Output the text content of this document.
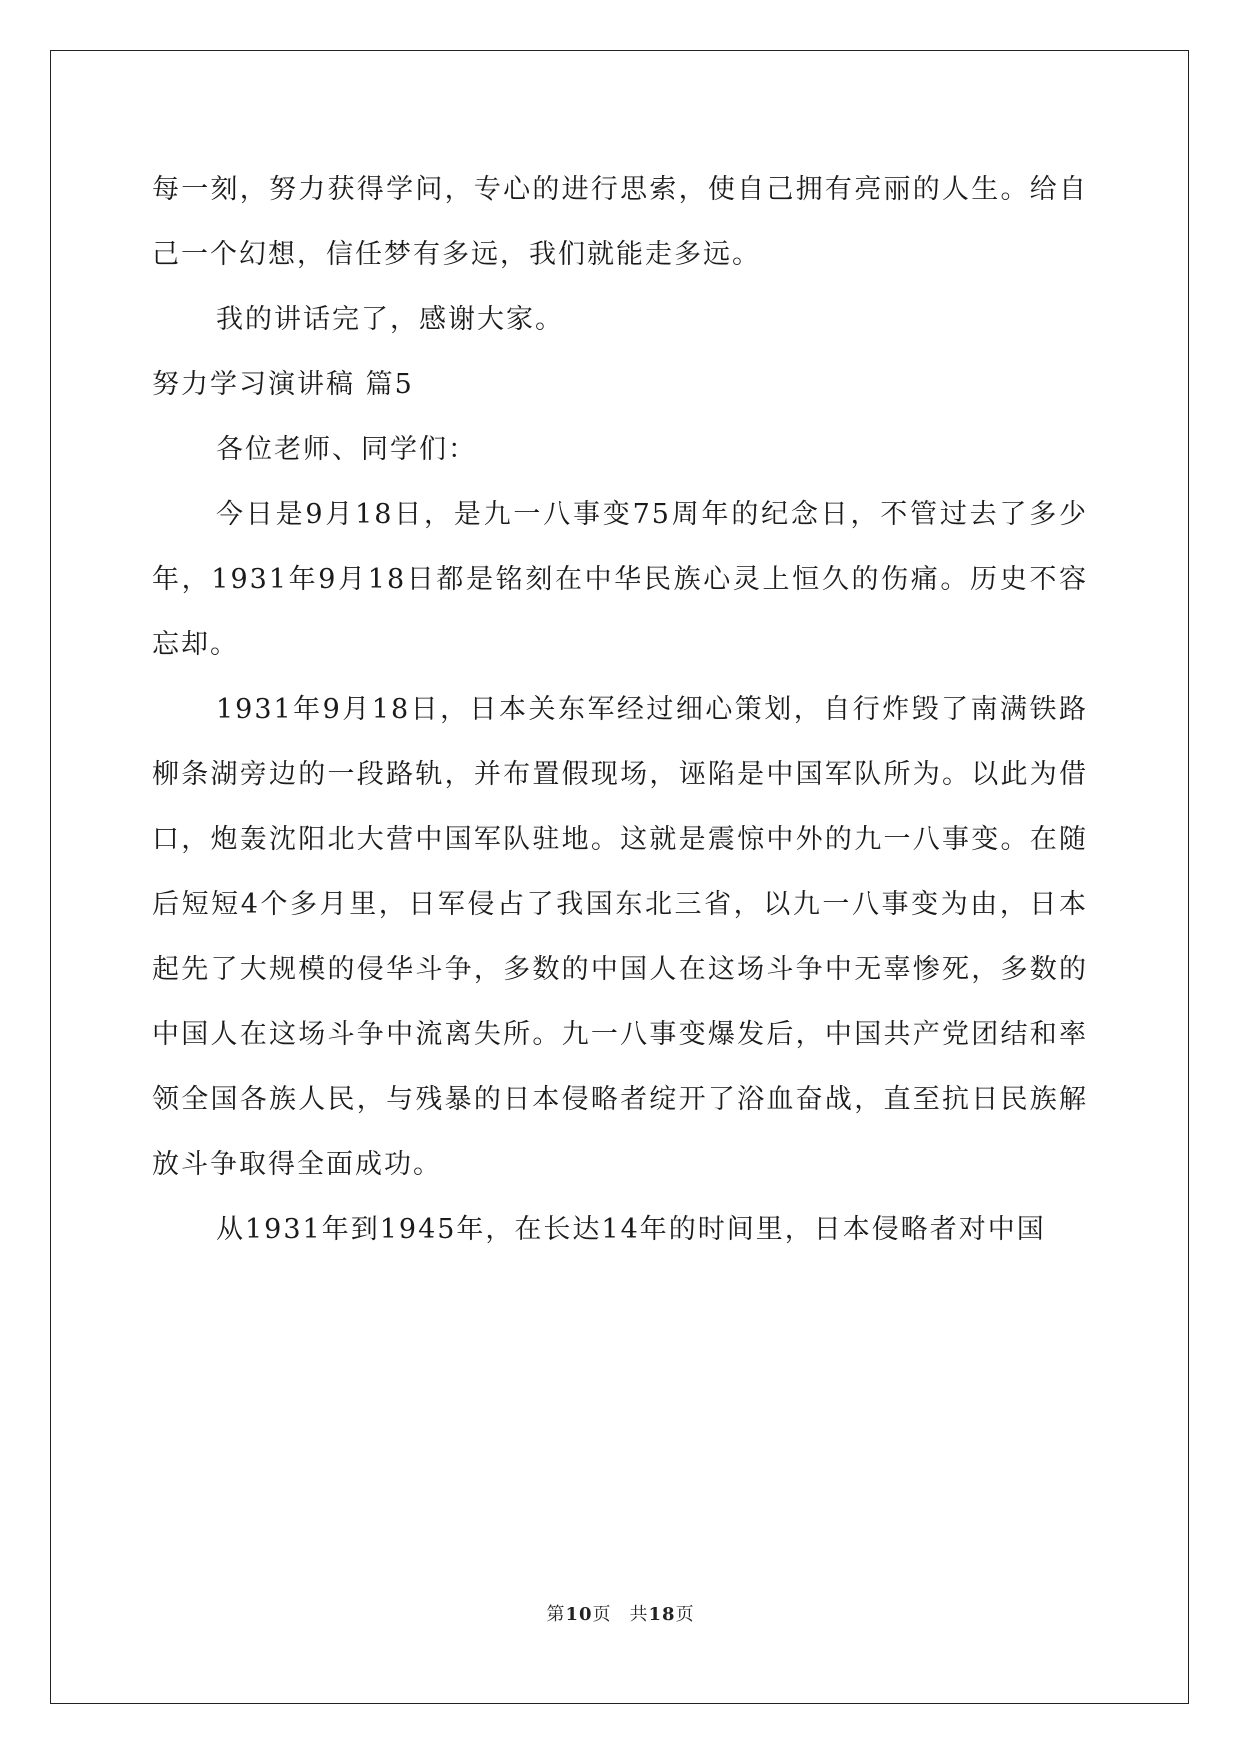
每一刻，努力获得学问，专心的进行思索，使自己拥有亮丽的人生。给自己一个幻想，信任梦有多远，我们就能走多远。

我的讲话完了，感谢大家。

努力学习演讲稿 篇5

各位老师、同学们：

今日是9月18日，是九一八事变75周年的纪念日，不管过去了多少年，1931年9月18日都是铭刻在中华民族心灵上恒久的伤痛。历史不容忘却。

1931年9月18日，日本关东军经过细心策划，自行炸毁了南满铁路柳条湖旁边的一段路轨，并布置假现场，诬陷是中国军队所为。以此为借口，炮轰沈阳北大营中国军队驻地。这就是震惊中外的九一八事变。在随后短短4个多月里，日军侵占了我国东北三省，以九一八事变为由，日本起先了大规模的侵华斗争，多数的中国人在这场斗争中无辜惨死，多数的中国人在这场斗争中流离失所。九一八事变爆发后，中国共产党团结和率领全国各族人民，与残暴的日本侵略者绽开了浴血奋战，直至抗日民族解放斗争取得全面成功。

从1931年到1945年，在长达14年的时间里，日本侵略者对中国

第10页 共18页
